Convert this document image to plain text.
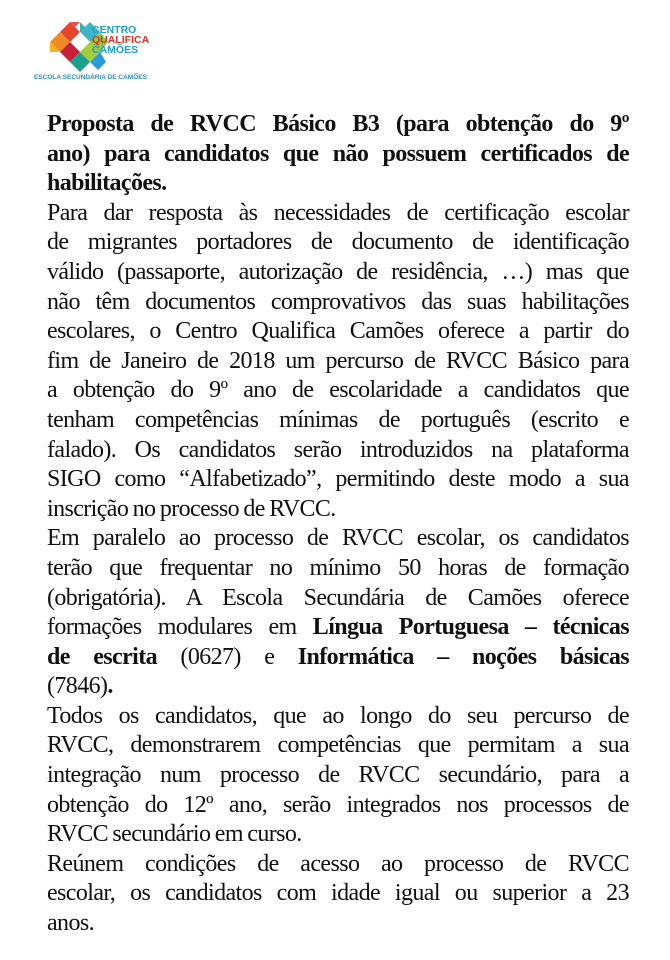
CENTRO
QUALIFICA
CAMÕES
ESCOLA SECUNDÁRIA DE CAMÕES
Proposta de RVCC Básico B3 (para obtenção do 9º
ano) para candidatos que não possuem certificados de
habilitações.
Para dar resposta às necessidades de certificação escolar
de migrantes portadores de documento de identificação
válido (passaporte, autorização de residência, …) mas que
não têm documentos comprovativos das suas habilitações
escolares, o Centro Qualifica Camões oferece a partir do
fim de Janeiro de 2018 um percurso de RVCC Básico para
a obtenção do 9º ano de escolaridade a candidatos que
tenham competências mínimas de português (escrito e
falado). Os candidatos serão introduzidos na plataforma
SIGO como “Alfabetizado”, permitindo deste modo a sua
inscrição no processo de RVCC.
Em paralelo ao processo de RVCC escolar, os candidatos
terão que frequentar no mínimo 50 horas de formação
(obrigatória). A Escola Secundária de Camões oferece
formações modulares em Língua Portuguesa – técnicas
de escrita (0627) e Informática – noções básicas
(7846).
Todos os candidatos, que ao longo do seu percurso de
RVCC, demonstrarem competências que permitam a sua
integração num processo de RVCC secundário, para a
obtenção do 12º ano, serão integrados nos processos de
RVCC secundário em curso.
Reúnem condições de acesso ao processo de RVCC
escolar, os candidatos com idade igual ou superior a 23
anos.
